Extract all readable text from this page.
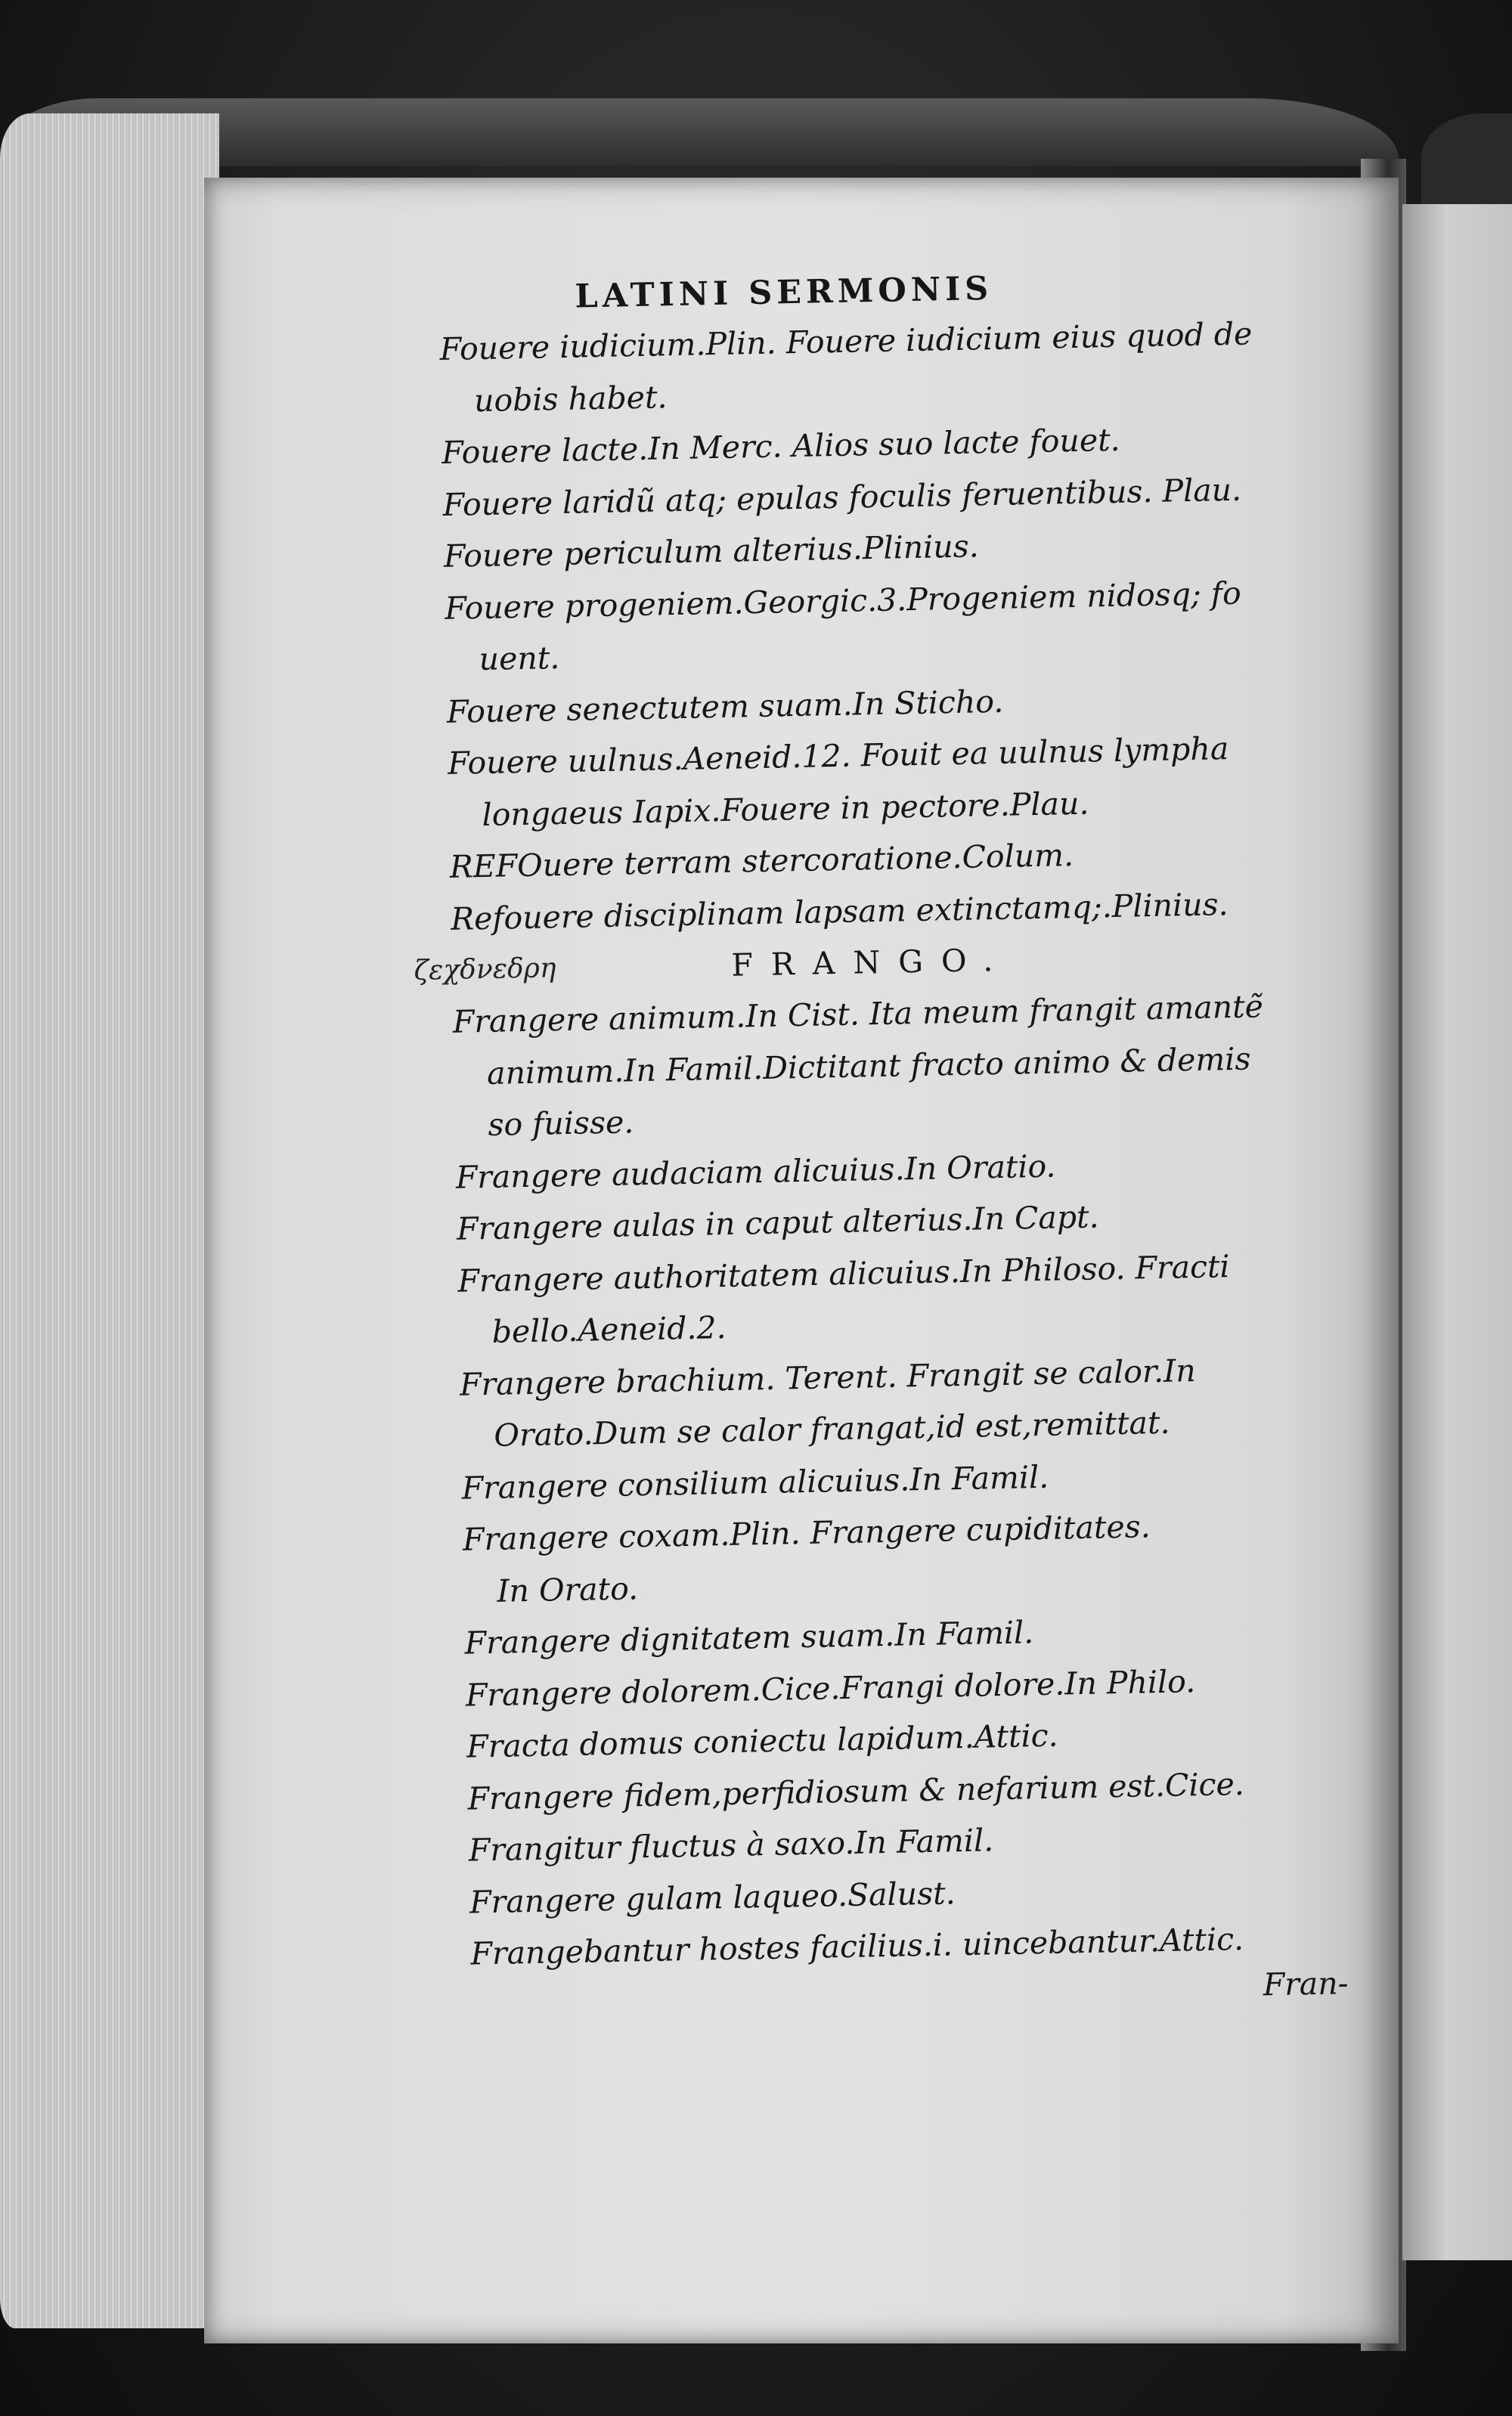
LATINI SERMONIS
Fouere iudicium.Plin. Fouere iudicium eius quod de
uobis habet.
Fouere lacte.In Merc. Alios suo lacte fouet.
Fouere laridũ atq; epulas foculis feruentibus. Plau.
Fouere periculum alterius.Plinius.
Fouere progeniem.Georgic.3.Progeniem nidosq; fo
uent.
Fouere senectutem suam.In Sticho.
Fouere uulnus.Aeneid.12. Fouit ea uulnus lympha
longaeus Iapix.Fouere in pectore.Plau.
REFOuere terram stercoratione.Colum.
Refouere disciplinam lapsam extinctamq;.Plinius.
ζεχδνεδρη	FRANGO.
Frangere animum.In Cist. Ita meum frangit amantẽ
animum.In Famil.Dictitant fracto animo & demis
so fuisse.
Frangere audaciam alicuius.In Oratio.
Frangere aulas in caput alterius.In Capt.
Frangere authoritatem alicuius.In Philoso. Fracti
bello.Aeneid.2.
Frangere brachium. Terent. Frangit se calor.In
Orato.Dum se calor frangat,id est,remittat.
Frangere consilium alicuius.In Famil.
Frangere coxam.Plin. Frangere cupiditates.
In Orato.
Frangere dignitatem suam.In Famil.
Frangere dolorem.Cice.Frangi dolore.In Philo.
Fracta domus coniectu lapidum.Attic.
Frangere fidem,perfidiosum & nefarium est.Cice.
Frangitur fluctus à saxo.In Famil.
Frangere gulam laqueo.Salust.
Frangebantur hostes facilius.i. uincebantur.Attic.
Fran-
